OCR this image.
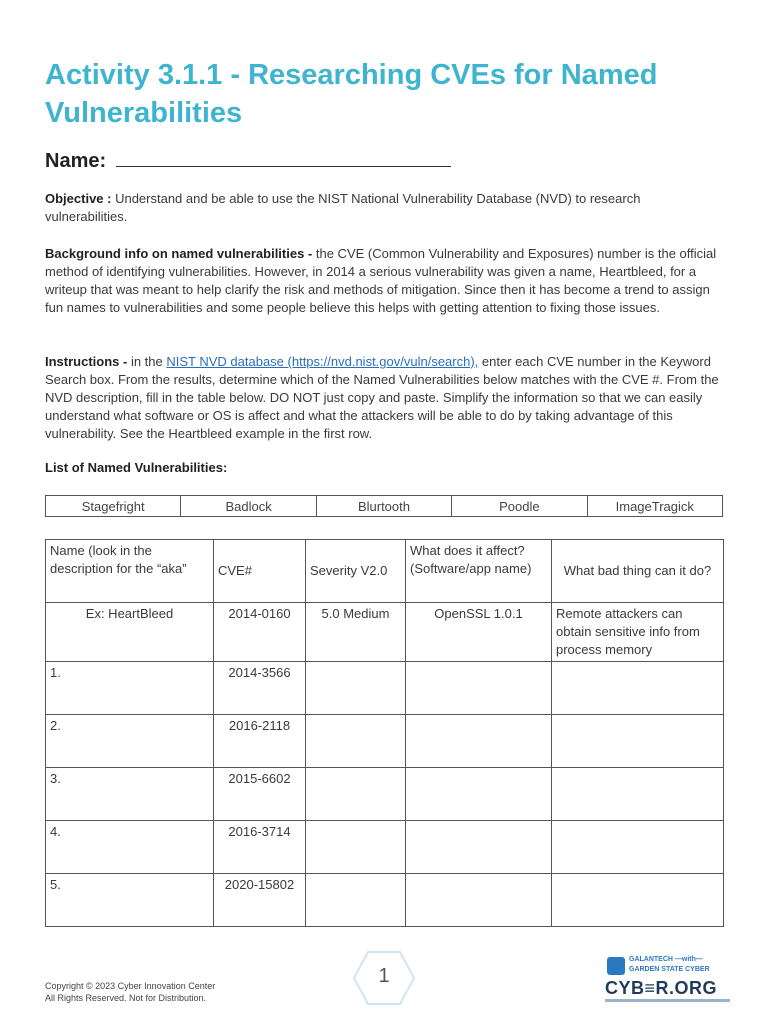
Activity 3.1.1 - Researching CVEs for Named Vulnerabilities
Name:

Objective : Understand and be able to use the NIST National Vulnerability Database (NVD) to research vulnerabilities.

Background info on named vulnerabilities - the CVE (Common Vulnerability and Exposures) number is the official method of identifying vulnerabilities. However, in 2014 a serious vulnerability was given a name, Heartbleed, for a writeup that was meant to help clarify the risk and methods of mitigation. Since then it has become a trend to assign fun names to vulnerabilities and some people believe this helps with getting attention to fixing those issues.

Instructions - in the NIST NVD database (https://nvd.nist.gov/vuln/search), enter each CVE number in the Keyword Search box. From the results, determine which of the Named Vulnerabilities below matches with the CVE #. From the NVD description, fill in the table below. DO NOT just copy and paste. Simplify the information so that we can easily understand what software or OS is affect and what the attackers will be able to do by taking advantage of this vulnerability. See the Heartbleed example in the first row.

List of Named Vulnerabilities:
Stagefright	Badlock	Blurtooth	Poodle	ImageTragick
Name (look in the description for the “aka”	CVE#	Severity V2.0	What does it affect? (Software/app name)	What bad thing can it do?
Ex: HeartBleed	2014-0160	5.0 Medium	OpenSSL 1.0.1	Remote attackers can obtain sensitive info from process memory
1.	2014-3566			
2.	2016-2118			
3.	2015-6602			
4.	2016-3714			
5.	2020-15802			
Copyright © 2023 Cyber Innovation Center
All Rights Reserved. Not for Distribution.
1
GALANTECH —with—
GARDEN STATE CYBER
CYB≡R.ORG
